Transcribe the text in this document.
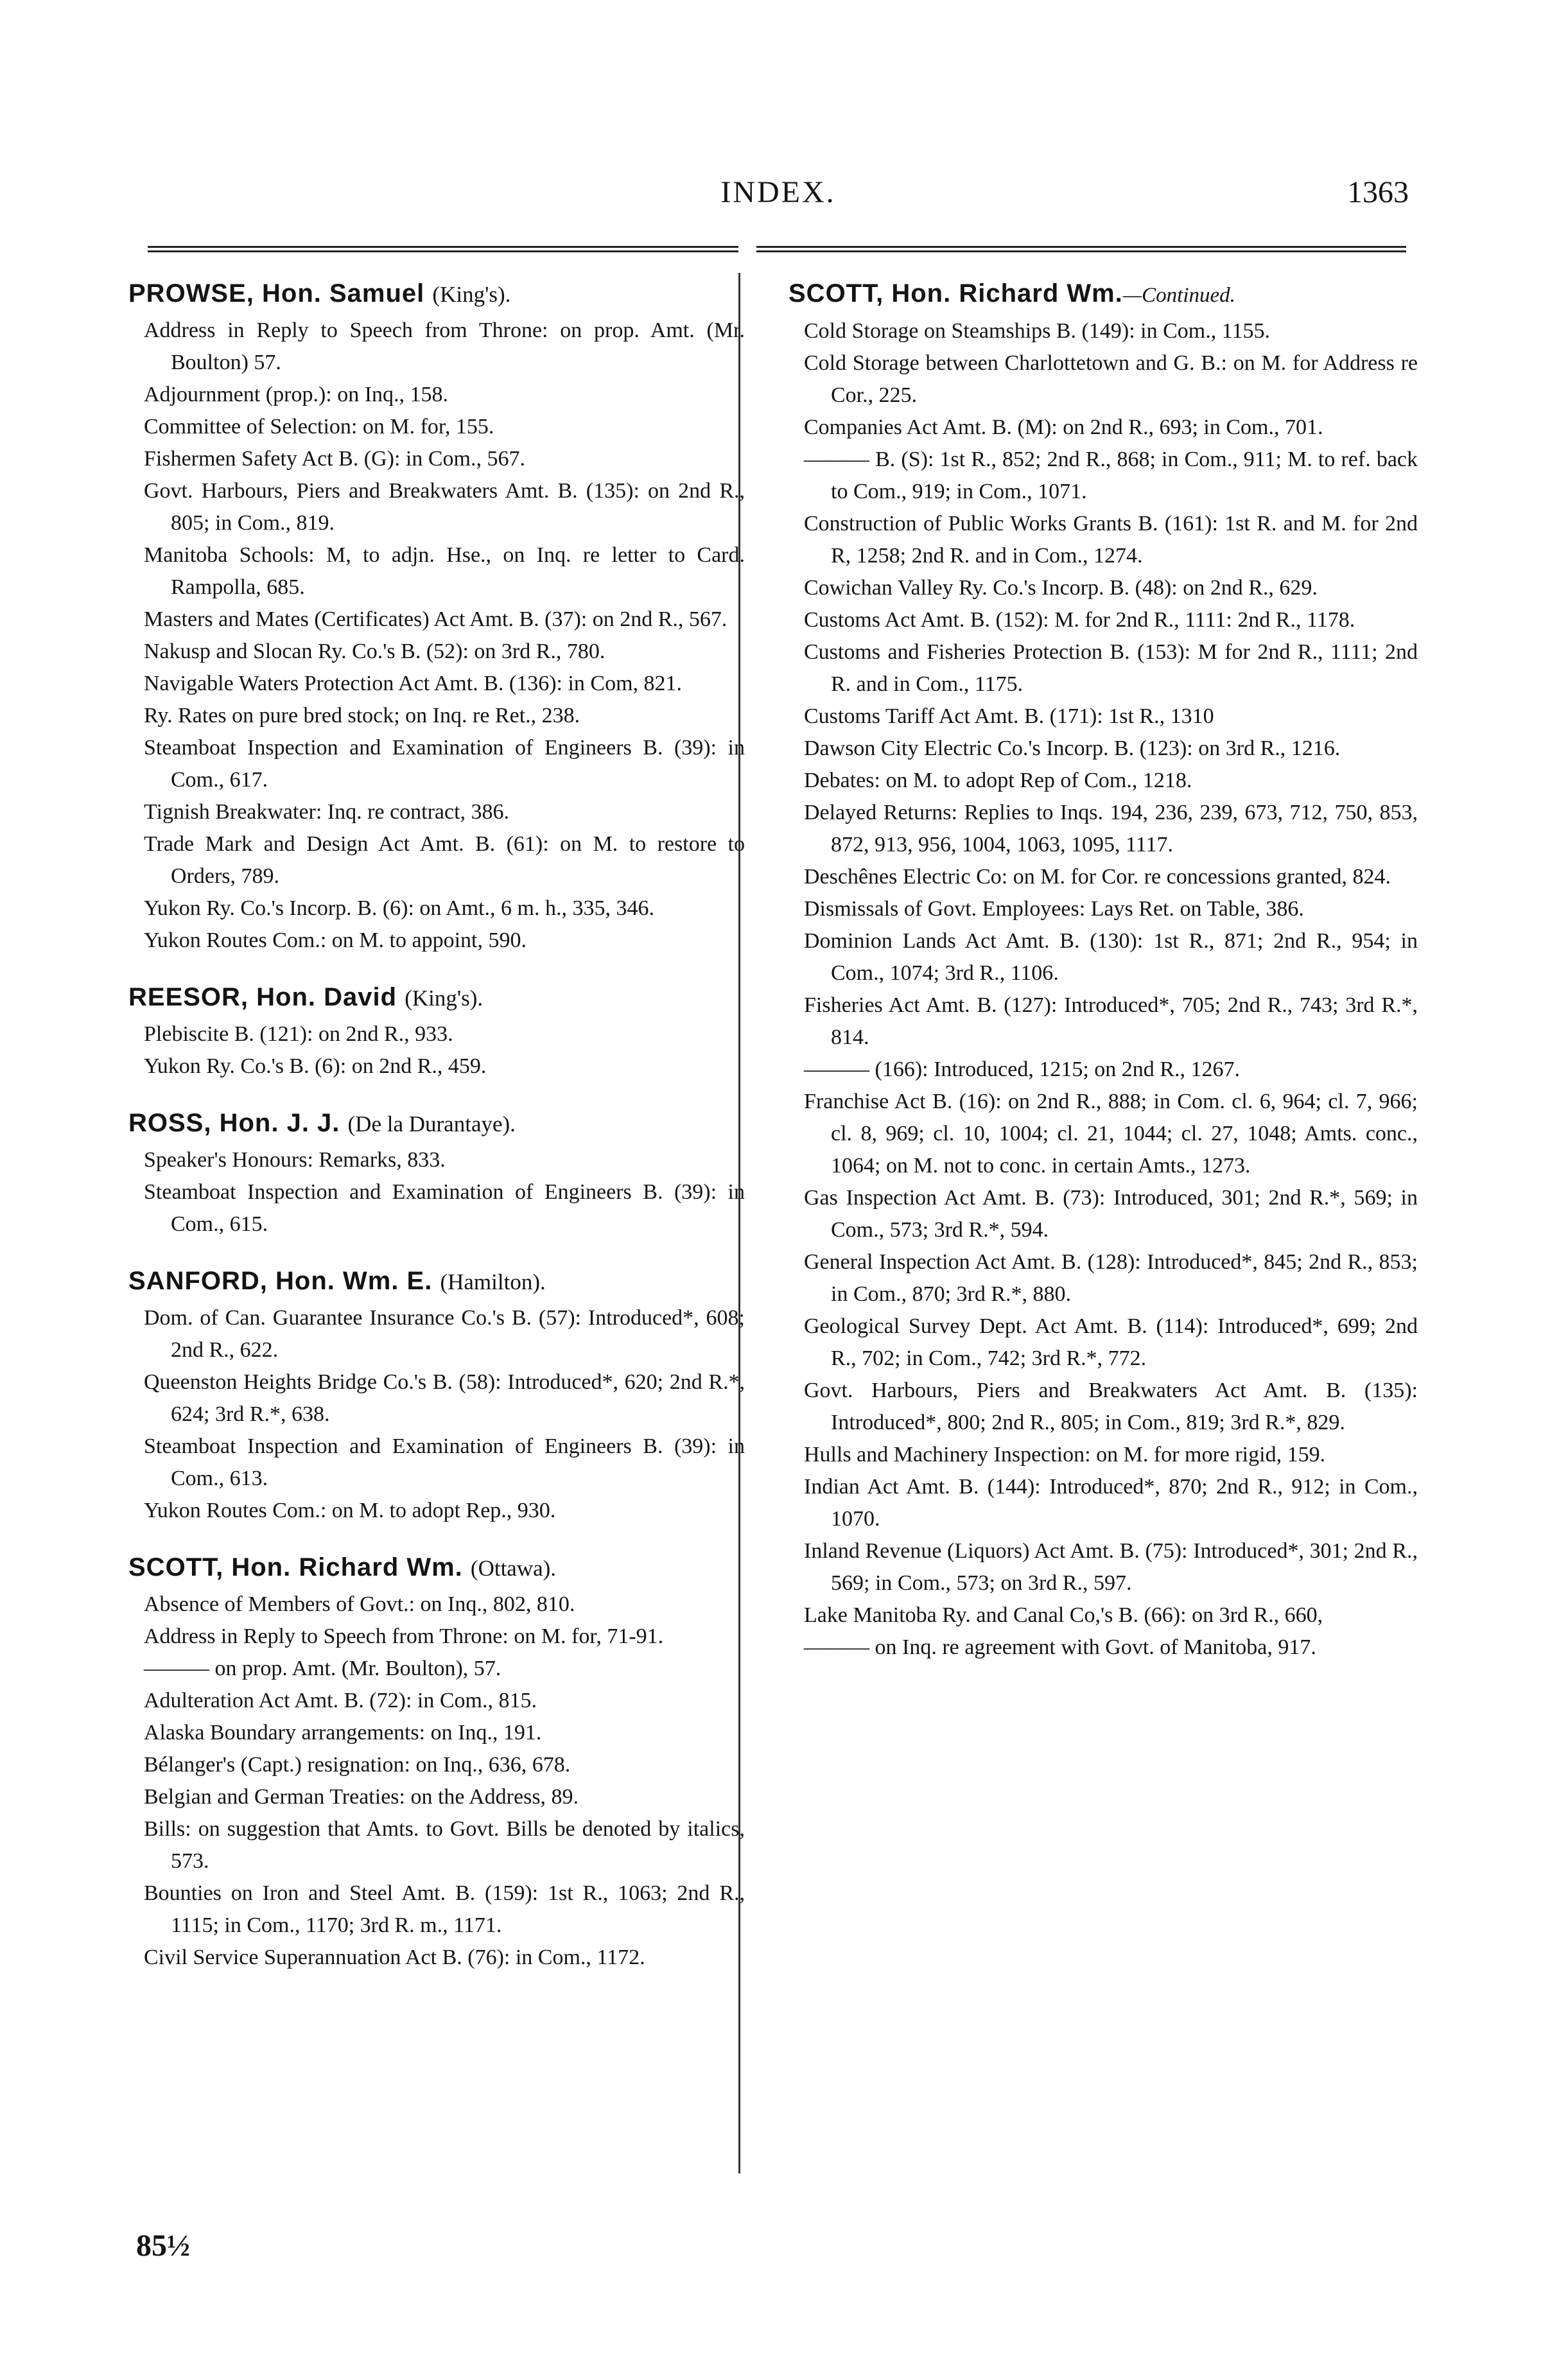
INDEX.	1363
PROWSE, Hon. Samuel (King's).
Address in Reply to Speech from Throne: on prop. Amt. (Mr. Boulton) 57.
Adjournment (prop.): on Inq., 158.
Committee of Selection: on M. for, 155.
Fishermen Safety Act B. (G): in Com., 567.
Govt. Harbours, Piers and Breakwaters Amt. B. (135): on 2nd R., 805; in Com., 819.
Manitoba Schools: M, to adjn. Hse., on Inq. re letter to Card. Rampolla, 685.
Masters and Mates (Certificates) Act Amt. B. (37): on 2nd R., 567.
Nakusp and Slocan Ry. Co.'s B. (52): on 3rd R., 780.
Navigable Waters Protection Act Amt. B. (136): in Com, 821.
Ry. Rates on pure bred stock; on Inq. re Ret., 238.
Steamboat Inspection and Examination of Engineers B. (39): in Com., 617.
Tignish Breakwater: Inq. re contract, 386.
Trade Mark and Design Act Amt. B. (61): on M. to restore to Orders, 789.
Yukon Ry. Co.'s Incorp. B. (6): on Amt., 6 m. h., 335, 346.
Yukon Routes Com.: on M. to appoint, 590.
REESOR, Hon. David (King's).
Plebiscite B. (121): on 2nd R., 933.
Yukon Ry. Co.'s B. (6): on 2nd R., 459.
ROSS, Hon. J. J. (De la Durantaye).
Speaker's Honours: Remarks, 833.
Steamboat Inspection and Examination of Engineers B. (39): in Com., 615.
SANFORD, Hon. Wm. E. (Hamilton).
Dom. of Can. Guarantee Insurance Co.'s B. (57): Introduced*, 608; 2nd R., 622.
Queenston Heights Bridge Co.'s B. (58): Introduced*, 620; 2nd R.*, 624; 3rd R.*, 638.
Steamboat Inspection and Examination of Engineers B. (39): in Com., 613.
Yukon Routes Com.: on M. to adopt Rep., 930.
SCOTT, Hon. Richard Wm. (Ottawa).
Absence of Members of Govt.: on Inq., 802, 810.
Address in Reply to Speech from Throne: on M. for, 71-91.
——— on prop. Amt. (Mr. Boulton), 57.
Adulteration Act Amt. B. (72): in Com., 815.
Alaska Boundary arrangements: on Inq., 191.
Bélanger's (Capt.) resignation: on Inq., 636, 678.
Belgian and German Treaties: on the Address, 89.
Bills: on suggestion that Amts. to Govt. Bills be denoted by italics, 573.
Bounties on Iron and Steel Amt. B. (159): 1st R., 1063; 2nd R., 1115; in Com., 1170; 3rd R. m., 1171.
Civil Service Superannuation Act B. (76): in Com., 1172.
SCOTT, Hon. Richard Wm.—Continued.
Cold Storage on Steamships B. (149): in Com., 1155.
Cold Storage between Charlottetown and G. B.: on M. for Address re Cor., 225.
Companies Act Amt. B. (M): on 2nd R., 693; in Com., 701.
——— B. (S): 1st R., 852; 2nd R., 868; in Com., 911; M. to ref. back to Com., 919; in Com., 1071.
Construction of Public Works Grants B. (161): 1st R. and M. for 2nd R, 1258; 2nd R. and in Com., 1274.
Cowichan Valley Ry. Co.'s Incorp. B. (48): on 2nd R., 629.
Customs Act Amt. B. (152): M. for 2nd R., 1111: 2nd R., 1178.
Customs and Fisheries Protection B. (153): M for 2nd R., 1111; 2nd R. and in Com., 1175.
Customs Tariff Act Amt. B. (171): 1st R., 1310
Dawson City Electric Co.'s Incorp. B. (123): on 3rd R., 1216.
Debates: on M. to adopt Rep of Com., 1218.
Delayed Returns: Replies to Inqs. 194, 236, 239, 673, 712, 750, 853, 872, 913, 956, 1004, 1063, 1095, 1117.
Deschênes Electric Co: on M. for Cor. re concessions granted, 824.
Dismissals of Govt. Employees: Lays Ret. on Table, 386.
Dominion Lands Act Amt. B. (130): 1st R., 871; 2nd R., 954; in Com., 1074; 3rd R., 1106.
Fisheries Act Amt. B. (127): Introduced*, 705; 2nd R., 743; 3rd R.*, 814.
——— (166): Introduced, 1215; on 2nd R., 1267.
Franchise Act B. (16): on 2nd R., 888; in Com. cl. 6, 964; cl. 7, 966; cl. 8, 969; cl. 10, 1004; cl. 21, 1044; cl. 27, 1048; Amts. conc., 1064; on M. not to conc. in certain Amts., 1273.
Gas Inspection Act Amt. B. (73): Introduced, 301; 2nd R.*, 569; in Com., 573; 3rd R.*, 594.
General Inspection Act Amt. B. (128): Introduced*, 845; 2nd R., 853; in Com., 870; 3rd R.*, 880.
Geological Survey Dept. Act Amt. B. (114): Introduced*, 699; 2nd R., 702; in Com., 742; 3rd R.*, 772.
Govt. Harbours, Piers and Breakwaters Act Amt. B. (135): Introduced*, 800; 2nd R., 805; in Com., 819; 3rd R.*, 829.
Hulls and Machinery Inspection: on M. for more rigid, 159.
Indian Act Amt. B. (144): Introduced*, 870; 2nd R., 912; in Com., 1070.
Inland Revenue (Liquors) Act Amt. B. (75): Introduced*, 301; 2nd R., 569; in Com., 573; on 3rd R., 597.
Lake Manitoba Ry. and Canal Co,'s B. (66): on 3rd R., 660,
——— on Inq. re agreement with Govt. of Manitoba, 917.
85½
